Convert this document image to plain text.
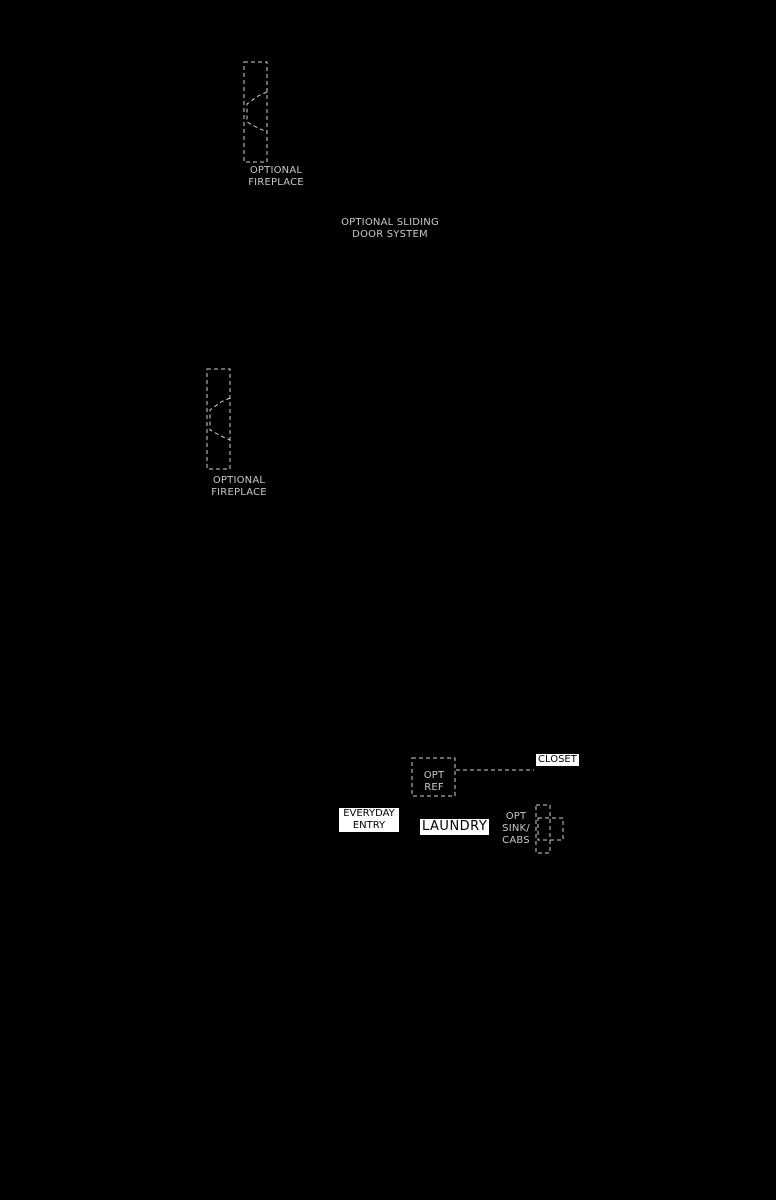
OPTIONAL
FIREPLACE
OPTIONAL SLIDING
DOOR SYSTEM
OPTIONAL
FIREPLACE
OPT
REF
CLOSET
EVERYDAY
ENTRY	LAUNDRY
OPT
SINK/
CABS
